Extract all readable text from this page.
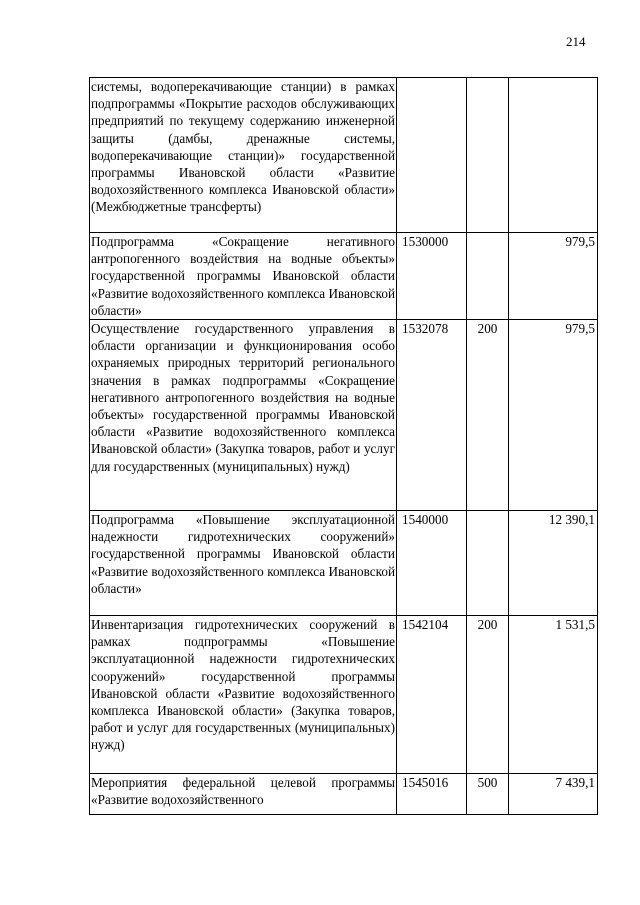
214
системы, водоперекачивающие станции) в рамках подпрограммы «Покрытие расходов обслуживающих предприятий по текущему содержанию инженерной защиты (дамбы, дренажные системы, водоперекачивающие станции)» государственной программы Ивановской области «Развитие водохозяйственного комплекса Ивановской области» (Межбюджетные трансферты)			
Подпрограмма «Сокращение негативного антропогенного воздействия на водные объекты» государственной программы Ивановской области «Развитие водохозяйственного комплекса Ивановской области»	1530000		979,5
Осуществление государственного управления в области организации и функционирования особо охраняемых природных территорий регионального значения в рамках подпрограммы «Сокращение негативного антропогенного воздействия на водные объекты» государственной программы Ивановской области «Развитие водохозяйственного комплекса Ивановской области» (Закупка товаров, работ и услуг для государственных (муниципальных) нужд)	1532078	200	979,5
Подпрограмма «Повышение эксплуатационной надежности гидротехнических сооружений» государственной программы Ивановской области «Развитие водохозяйственного комплекса Ивановской области»	1540000		12 390,1
Инвентаризация гидротехнических сооружений в рамках подпрограммы «Повышение эксплуатационной надежности гидротехнических сооружений» государственной программы Ивановской области «Развитие водохозяйственного комплекса Ивановской области» (Закупка товаров, работ и услуг для государственных (муниципальных) нужд)	1542104	200	1 531,5
Мероприятия федеральной целевой программы «Развитие водохозяйственного	1545016	500	7 439,1
